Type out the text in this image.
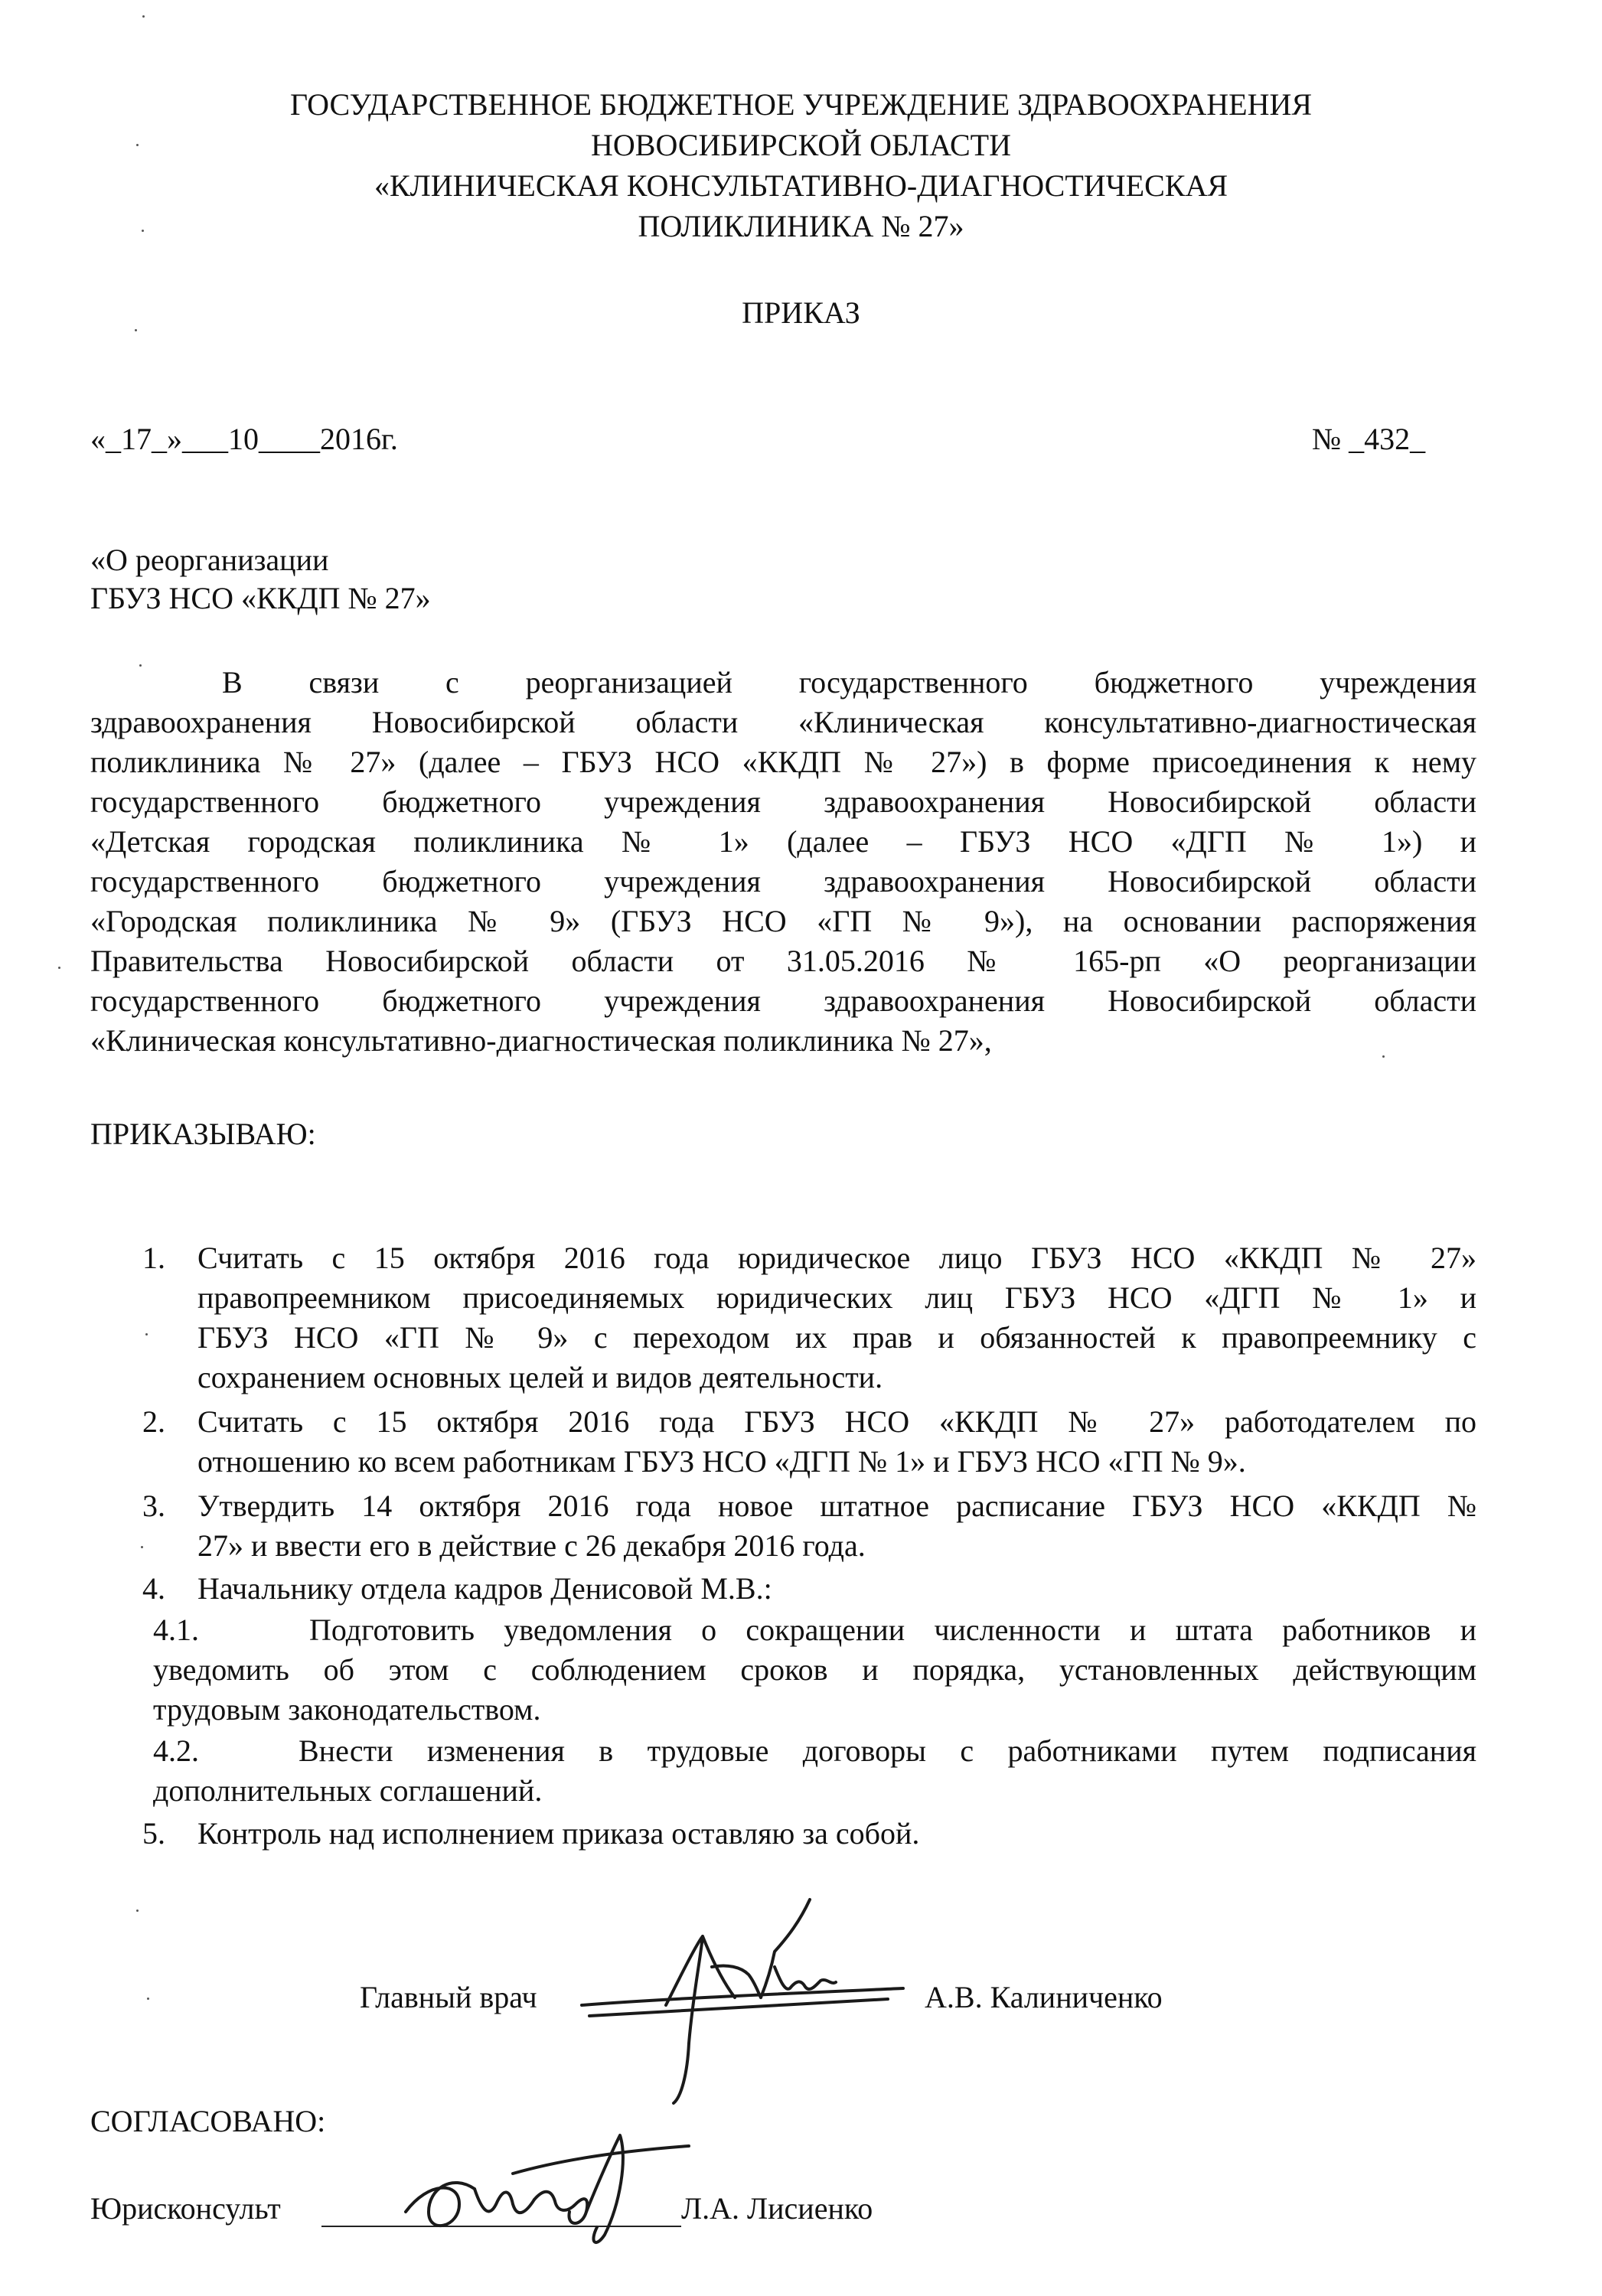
ГОСУДАРСТВЕННОЕ БЮДЖЕТНОЕ УЧРЕЖДЕНИЕ ЗДРАВООХРАНЕНИЯ
НОВОСИБИРСКОЙ ОБЛАСТИ
«КЛИНИЧЕСКАЯ КОНСУЛЬТАТИВНО-ДИАГНОСТИЧЕСКАЯ
ПОЛИКЛИНИКА № 27»
ПРИКАЗ
«_17_»___10____2016г.	№ _432_
«О реорганизации
ГБУЗ НСО «ККДП № 27»
В связи с реорганизацией государственного бюджетного учреждения
здравоохранения Новосибирской области «Клиническая консультативно-диагностическая
поликлиника № 27» (далее – ГБУЗ НСО «ККДП № 27») в форме присоединения к нему
государственного бюджетного учреждения здравоохранения Новосибирской области
«Детская городская поликлиника № 1» (далее – ГБУЗ НСО «ДГП № 1») и
государственного бюджетного учреждения здравоохранения Новосибирской области
«Городская поликлиника № 9» (ГБУЗ НСО «ГП № 9»), на основании распоряжения
Правительства Новосибирской области от 31.05.2016 № 165-рп «О реорганизации
государственного бюджетного учреждения здравоохранения Новосибирской области
«Клиническая консультативно-диагностическая поликлиника № 27»,
ПРИКАЗЫВАЮ:
1. Считать с 15 октября 2016 года юридическое лицо ГБУЗ НСО «ККДП № 27»
правопреемником присоединяемых юридических лиц ГБУЗ НСО «ДГП № 1» и
ГБУЗ НСО «ГП № 9» с переходом их прав и обязанностей к правопреемнику с
сохранением основных целей и видов деятельности.
2. Считать с 15 октября 2016 года ГБУЗ НСО «ККДП № 27» работодателем по
отношению ко всем работникам ГБУЗ НСО «ДГП № 1» и ГБУЗ НСО «ГП № 9».
3. Утвердить 14 октября 2016 года новое штатное расписание ГБУЗ НСО «ККДП №
27» и ввести его в действие с 26 декабря 2016 года.
4. Начальнику отдела кадров Денисовой М.В.:
4.1.	Подготовить уведомления о сокращении численности и штата работников и
уведомить об этом с соблюдением сроков и порядка, установленных действующим
трудовым законодательством.
4.2.	Внести изменения в трудовые договоры с работниками путем подписания
дополнительных соглашений.
5. Контроль над исполнением приказа оставляю за собой.
Главный врач	А.В. Калиниченко
СОГЛАСОВАНО:
Юрисконсульт	Л.А. Лисиенко
